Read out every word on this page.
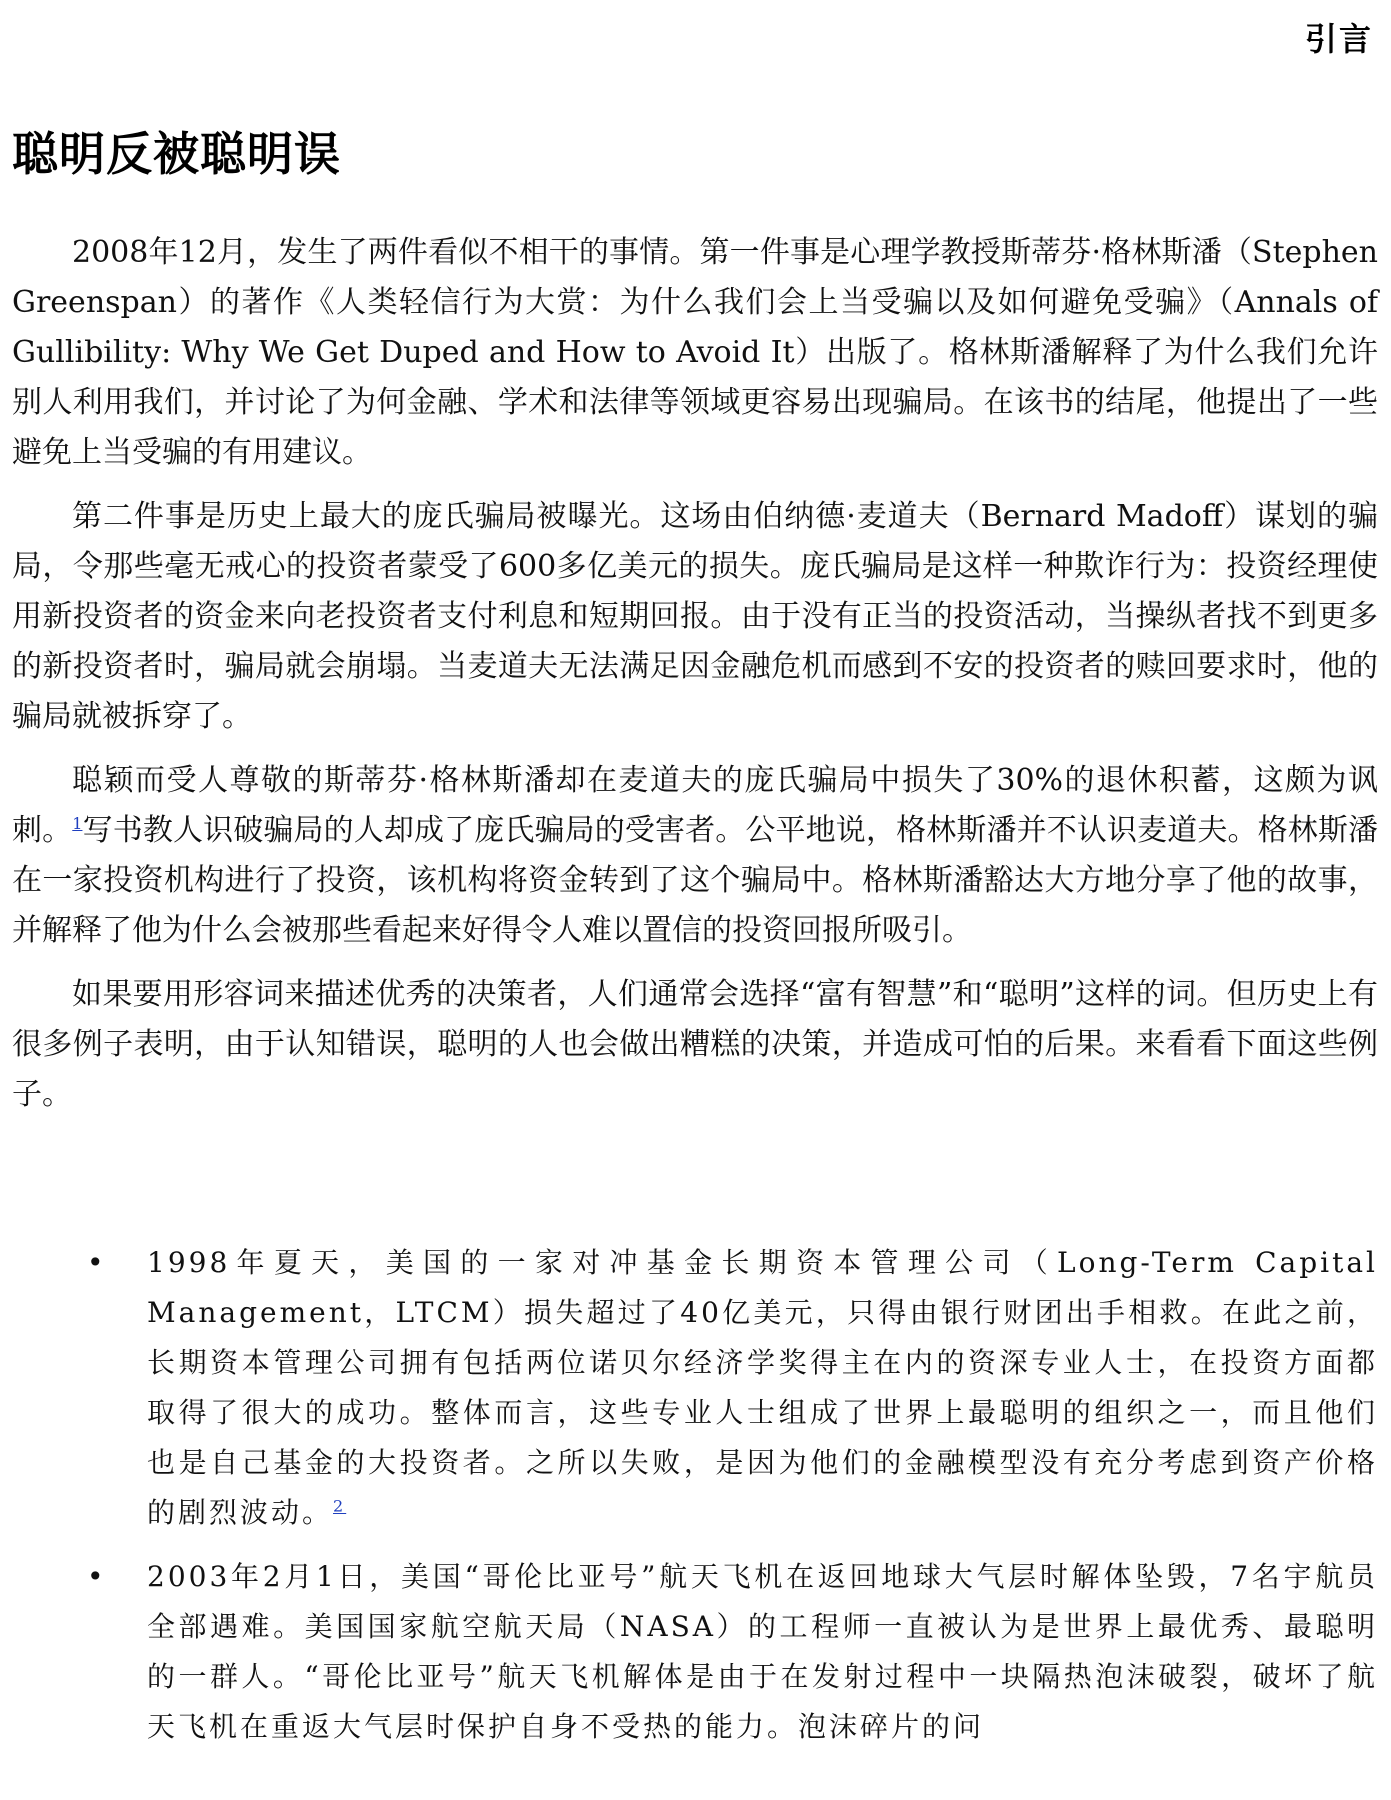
引言
聪明反被聪明误

2008年12月，发生了两件看似不相干的事情。第一件事是心理学教授斯蒂芬·格林斯潘（Stephen Greenspan）的著作《人类轻信行为大赏：为什么我们会上当受骗以及如何避免受骗》（Annals of Gullibility: Why We Get Duped and How to Avoid It）出版了。格林斯潘解释了为什么我们允许别人利用我们，并讨论了为何金融、学术和法律等领域更容易出现骗局。在该书的结尾，他提出了一些避免上当受骗的有用建议。

第二件事是历史上最大的庞氏骗局被曝光。这场由伯纳德·麦道夫（Bernard Madoff）谋划的骗局，令那些毫无戒心的投资者蒙受了600多亿美元的损失。庞氏骗局是这样一种欺诈行为：投资经理使用新投资者的资金来向老投资者支付利息和短期回报。由于没有正当的投资活动，当操纵者找不到更多的新投资者时，骗局就会崩塌。当麦道夫无法满足因金融危机而感到不安的投资者的赎回要求时，他的骗局就被拆穿了。

聪颖而受人尊敬的斯蒂芬·格林斯潘却在麦道夫的庞氏骗局中损失了30%的退休积蓄，这颇为讽刺。$^1$写书教人识破骗局的人却成了庞氏骗局的受害者。公平地说，格林斯潘并不认识麦道夫。格林斯潘在一家投资机构进行了投资，该机构将资金转到了这个骗局中。格林斯潘豁达大方地分享了他的故事，并解释了他为什么会被那些看起来好得令人难以置信的投资回报所吸引。

如果要用形容词来描述优秀的决策者，人们通常会选择“富有智慧”和“聪明”这样的词。但历史上有很多例子表明，由于认知错误，聪明的人也会做出糟糕的决策，并造成可怕的后果。来看看下面这些例子。

• 1998年夏天，美国的一家对冲基金长期资本管理公司（Long-Term Capital Management，LTCM）损失超过了40亿美元，只得由银行财团出手相救。在此之前，长期资本管理公司拥有包括两位诺贝尔经济学奖得主在内的资深专业人士，在投资方面都取得了很大的成功。整体而言，这些专业人士组成了世界上最聪明的组织之一，而且他们也是自己基金的大投资者。之所以失败，是因为他们的金融模型没有充分考虑到资产价格的剧烈波动。$^2$
• 2003年2月1日，美国“哥伦比亚号”航天飞机在返回地球大气层时解体坠毁，7名宇航员全部遇难。美国国家航空航天局（NASA）的工程师一直被认为是世界上最优秀、最聪明的一群人。“哥伦比亚号”航天飞机解体是由于在发射过程中一块隔热泡沫破裂，破坏了航天飞机在重返大气层时保护自身不受热的能力。泡沫碎片的问
